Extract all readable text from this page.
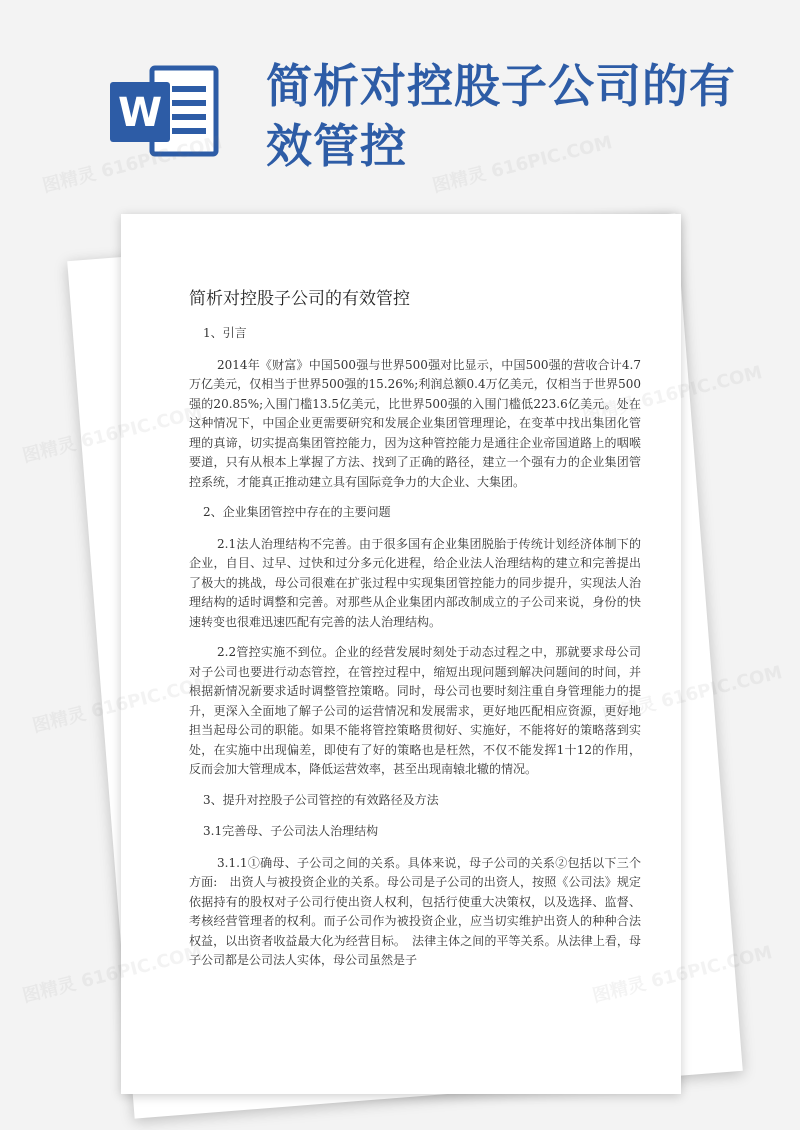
W 简析对控股子公司的有效管控
简析对控股子公司的有效管控

1、引言

2014年《财富》中国500强与世界500强对比显示，中国500强的营收合计4.7万亿美元，仅相当于世界500强的15.26%;利润总额0.4万亿美元，仅相当于世界500强的20.85%;入围门槛13.5亿美元，比世界500强的入围门槛低223.6亿美元。处在这种情况下，中国企业更需要研究和发展企业集团管理理论，在变革中找出集团化管理的真谛，切实提高集团管控能力，因为这种管控能力是通往企业帝国道路上的咽喉要道，只有从根本上掌握了方法、找到了正确的路径，建立一个强有力的企业集团管控系统，才能真正推动建立具有国际竞争力的大企业、大集团。

2、企业集团管控中存在的主要问题

2.1法人治理结构不完善。由于很多国有企业集团脱胎于传统计划经济体制下的企业，自目、过早、过快和过分多元化进程，给企业法人治理结构的建立和完善提出了极大的挑战，母公司很难在扩张过程中实现集团管控能力的同步提升，实现法人治理结构的适时调整和完善。对那些从企业集团内部改制成立的子公司来说，身份的快速转变也很难迅速匹配有完善的法人治理结构。

2.2管控实施不到位。企业的经营发展时刻处于动态过程之中，那就要求母公司对子公司也要进行动态管控，在管控过程中，缩短出现问题到解决问题间的时间，并根据新情况新要求适时调整管控策略。同时，母公司也要时刻注重自身管理能力的提升，更深入全面地了解子公司的运营情况和发展需求，更好地匹配相应资源，更好地担当起母公司的职能。如果不能将管控策略贯彻好、实施好，不能将好的策略落到实处，在实施中出现偏差，即使有了好的策略也是枉然，不仅不能发挥1十12的作用，反而会加大管理成本，降低运营效率，甚至出现南辕北辙的情况。

3、提升对控股子公司管控的有效路径及方法

3.1完善母、子公司法人治理结构

3.1.1①确母、子公司之间的关系。具体来说，母子公司的关系②包括以下三个方面:　出资人与被投资企业的关系。母公司是子公司的出资人，按照《公司法》规定依据持有的股权对子公司行使出资人权利，包括行使重大决策权，以及选择、监督、考核经营管理者的权利。而子公司作为被投资企业，应当切实维护出资人的种种合法权益，以出资者收益最大化为经营目标。　法律主体之间的平等关系。从法律上看，母子公司都是公司法人实体，母公司虽然是子

图精灵 616PIC.COM	图精灵 616PIC.COM
图精灵
616PIC.COM
图精灵
616PIC.COM
图精灵 616PIC.COM
